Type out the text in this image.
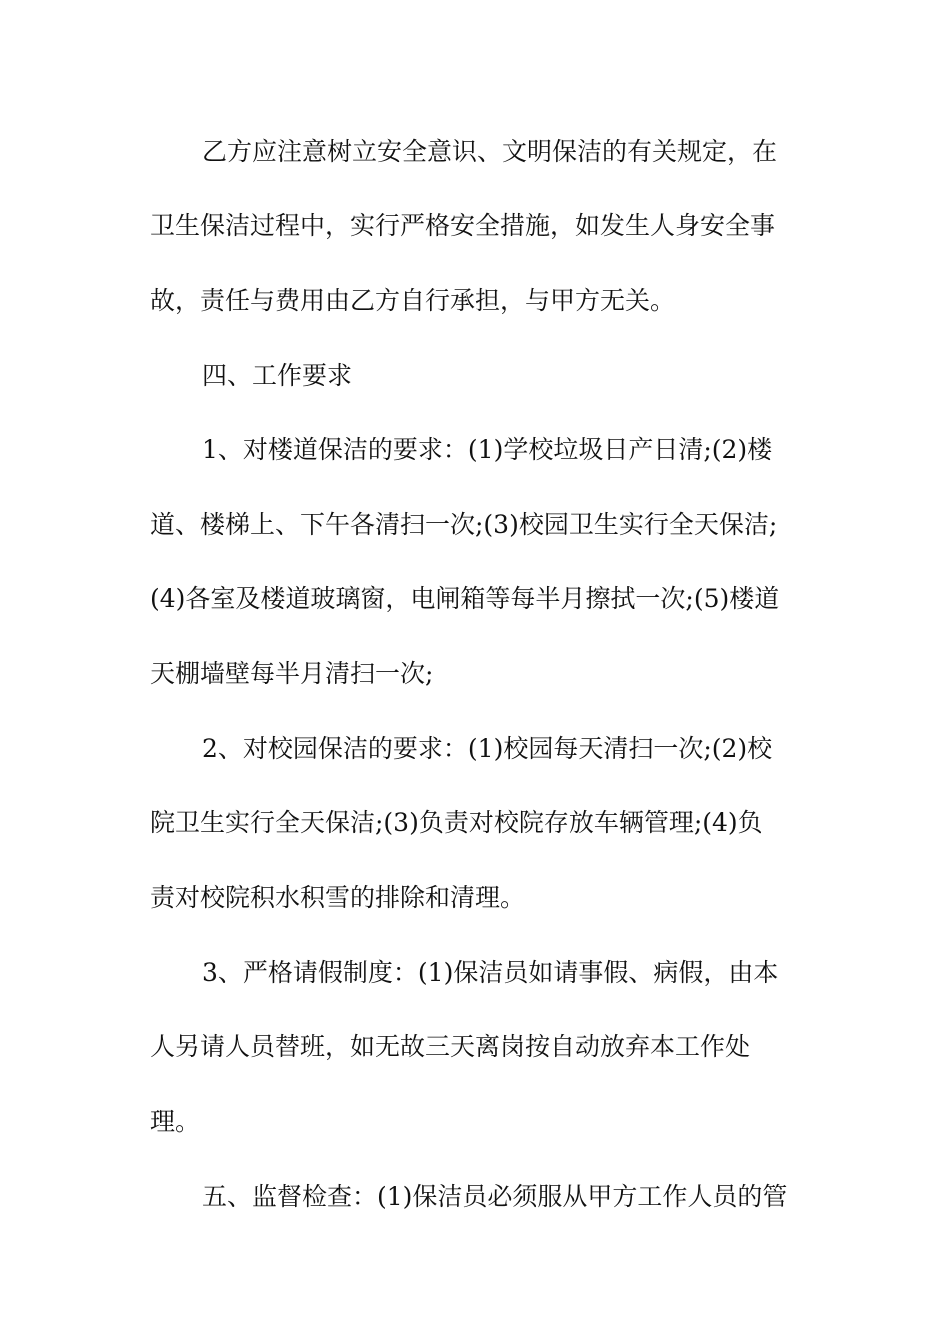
乙方应注意树立安全意识、文明保洁的有关规定，在
卫生保洁过程中，实行严格安全措施，如发生人身安全事
故，责任与费用由乙方自行承担，与甲方无关。
四、工作要求
1、对楼道保洁的要求：(1)学校垃圾日产日清;(2)楼
道、楼梯上、下午各清扫一次;(3)校园卫生实行全天保洁;
(4)各室及楼道玻璃窗，电闸箱等每半月擦拭一次;(5)楼道
天棚墙壁每半月清扫一次;
2、对校园保洁的要求：(1)校园每天清扫一次;(2)校
院卫生实行全天保洁;(3)负责对校院存放车辆管理;(4)负
责对校院积水积雪的排除和清理。
3、严格请假制度：(1)保洁员如请事假、病假，由本
人另请人员替班，如无故三天离岗按自动放弃本工作处
理。
五、监督检查：(1)保洁员必须服从甲方工作人员的管
